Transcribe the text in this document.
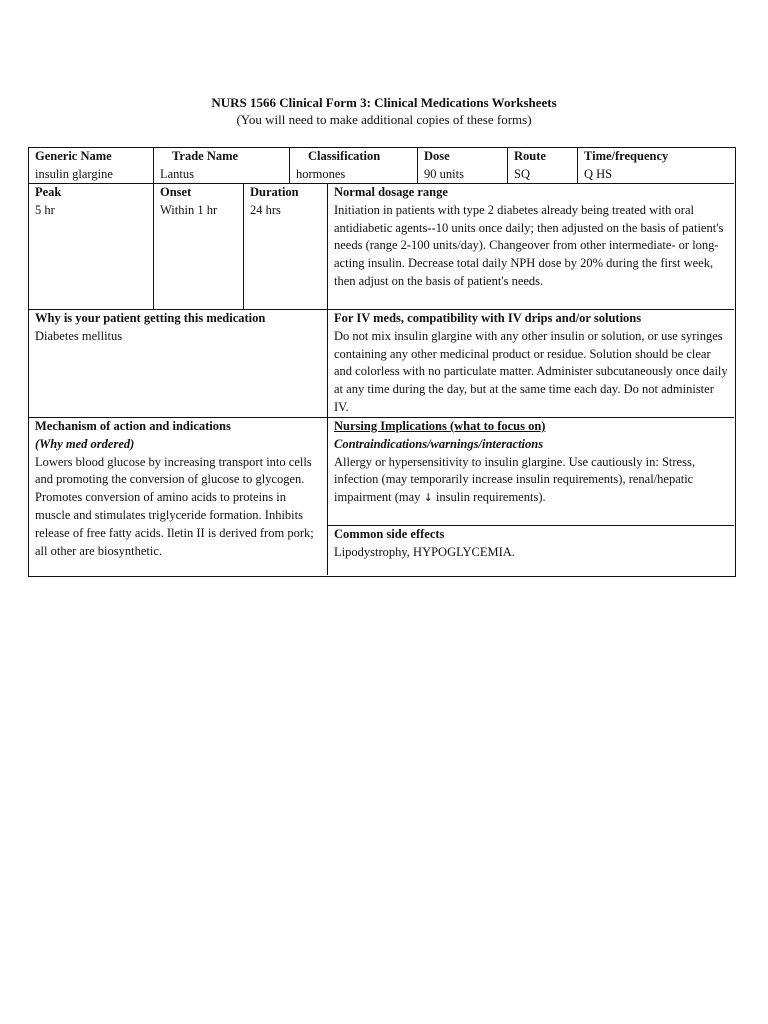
NURS 1566 Clinical Form 3: Clinical Medications Worksheets
(You will need to make additional copies of these forms)
Generic Name
insulin glargine
Trade Name
Lantus
Classification
hormones
Dose
90 units
Route
SQ
Time/frequency
Q HS
Peak
5 hr
Onset
Within 1 hr
Duration
24 hrs
Normal dosage range
Initiation in patients with type 2 diabetes already being treated with oral antidiabetic agents--10 units once daily; then adjusted on the basis of patient's needs (range 2-100 units/day). Changeover from other intermediate- or long-acting insulin. Decrease total daily NPH dose by 20% during the first week, then adjust on the basis of patient's needs.
Why is your patient getting this medication
Diabetes mellitus
For IV meds, compatibility with IV drips and/or solutions
Do not mix insulin glargine with any other insulin or solution, or use syringes containing any other medicinal product or residue. Solution should be clear and colorless with no particulate matter. Administer subcutaneously once daily at any time during the day, but at the same time each day. Do not administer IV.
Mechanism of action and indications
(Why med ordered)
Lowers blood glucose by increasing transport into cells and promoting the conversion of glucose to glycogen. Promotes conversion of amino acids to proteins in muscle and stimulates triglyceride formation. Inhibits release of free fatty acids. Iletin II is derived from pork; all other are biosynthetic.
Nursing Implications (what to focus on)
Contraindications/warnings/interactions
Allergy or hypersensitivity to insulin glargine. Use cautiously in: Stress, infection (may temporarily increase insulin requirements), renal/hepatic impairment (may ↓ insulin requirements).
Common side effects
Lipodystrophy, HYPOGLYCEMIA.
